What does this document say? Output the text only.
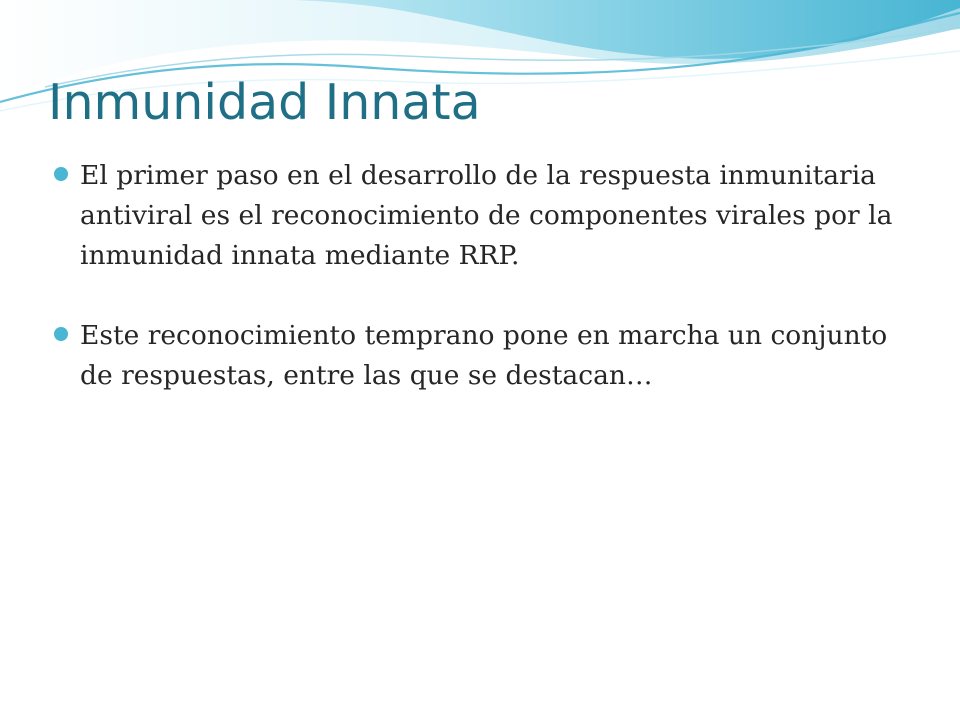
Inmunidad Innata
El primer paso en el desarrollo de la respuesta inmunitaria antiviral es el reconocimiento de componentes virales por la inmunidad innata mediante RRP.
Este reconocimiento temprano pone en marcha un conjunto de respuestas, entre las que se destacan…
